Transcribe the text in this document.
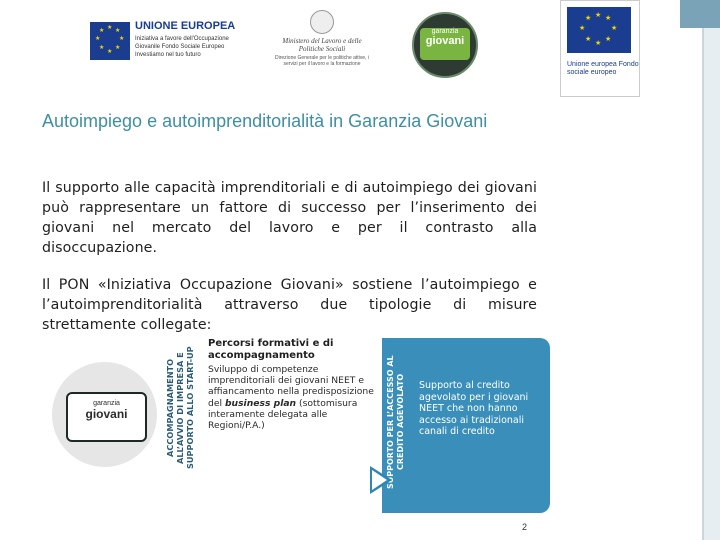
★ ★
★
★
★
★
★
★	UNIONE EUROPEA
Iniziativa a favore dell'Occupazione Giovanile Fondo Sociale Europeo Investiamo nel tuo futuro
Ministero del Lavoro e delle Politiche Sociali
Direzione Generale per le politiche attive, i servizi per il lavoro e la formazione
garanzia
giovani
★ ★
★
★
★
★
★
★
Unione europea Fondo sociale europeo
Autoimpiego e autoimprenditorialità in Garanzia Giovani
Il supporto alle capacità imprenditoriali e di autoimpiego dei giovani può rappresentare un fattore di successo per l’inserimento dei giovani nel mercato del lavoro e per il contrasto alla disoccupazione.
Il PON «Iniziativa Occupazione Giovani» sostiene l’autoimpiego e l’autoimprenditorialità attraverso due tipologie di misure strettamente collegate:
garanzia
giovani	ACCOMPAGNAMENTO ALL’AVVIO DI IMPRESA E SUPPORTO ALLO START-UP
Percorsi formativi e di accompagnamento
Sviluppo di competenze imprenditoriali dei giovani NEET e affiancamento nella predisposizione del business plan (sottomisura interamente delegata alle Regioni/P.A.)	SUPPORTO PER L’ACCESSO AL CREDITO AGEVOLATO	Supporto al credito agevolato per i giovani NEET che non hanno accesso ai tradizionali canali di credito
2
